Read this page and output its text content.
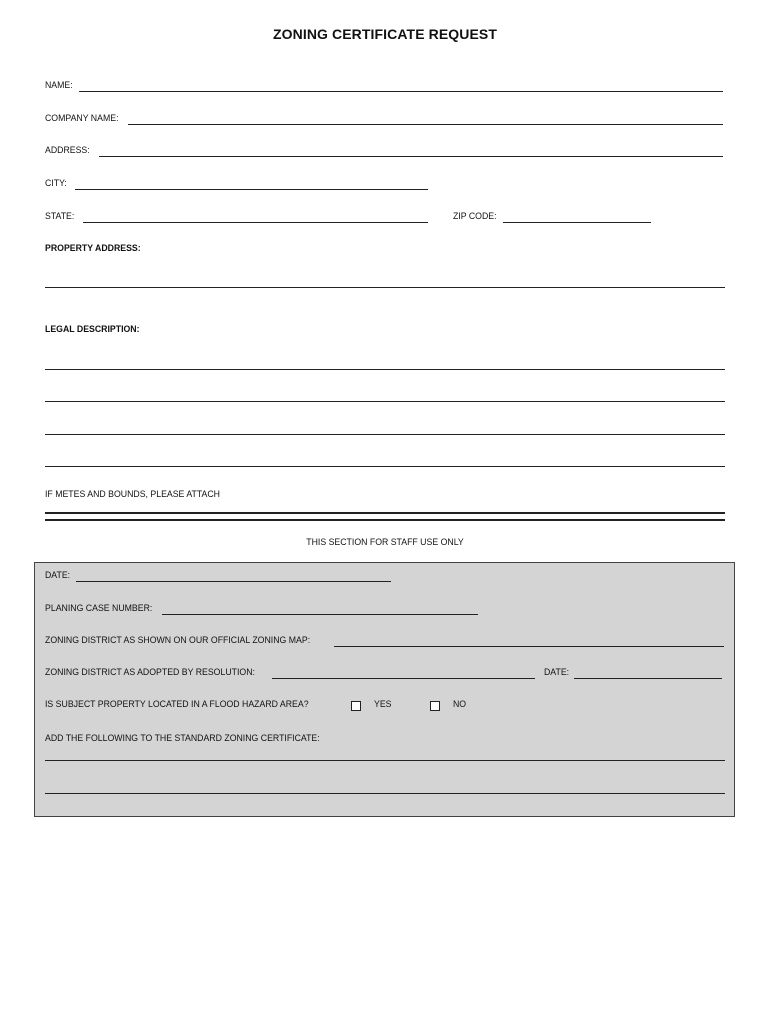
ZONING CERTIFICATE REQUEST
NAME:
COMPANY NAME:
ADDRESS:
CITY:
STATE:	ZIP CODE:
PROPERTY ADDRESS:
LEGAL DESCRIPTION:
IF METES AND BOUNDS, PLEASE ATTACH
THIS SECTION FOR STAFF USE ONLY
DATE:
PLANING CASE NUMBER:
ZONING DISTRICT AS SHOWN ON OUR OFFICIAL ZONING MAP:
ZONING DISTRICT AS ADOPTED BY RESOLUTION:	DATE:
IS SUBJECT PROPERTY LOCATED IN A FLOOD HAZARD AREA?	YES	NO
ADD THE FOLLOWING TO THE STANDARD ZONING CERTIFICATE:
